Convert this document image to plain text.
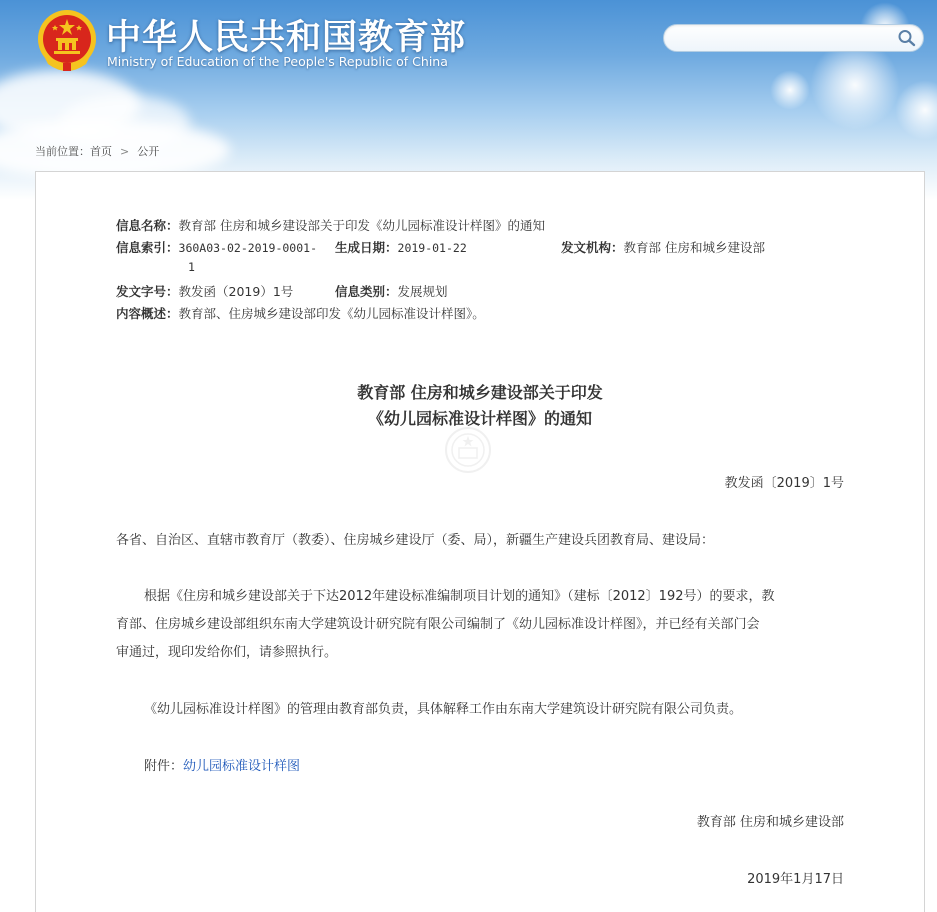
中华人民共和国教育部
Ministry of Education of the People's Republic of China
当前位置：首页 > 公开
信息名称：教育部 住房和城乡建设部关于印发《幼儿园标准设计样图》的通知
信息索引：360A03-02-2019-0001-
1
生成日期：2019-01-22	发文机构：教育部 住房和城乡建设部
发文字号：教发函（2019）1号	信息类别：发展规划
内容概述：教育部、住房城乡建设部印发《幼儿园标准设计样图》。
教育部 住房和城乡建设部关于印发
《幼儿园标准设计样图》的通知
教发函〔2019〕1号
各省、自治区、直辖市教育厅（教委）、住房城乡建设厅（委、局），新疆生产建设兵团教育局、建设局：
根据《住房和城乡建设部关于下达2012年建设标准编制项目计划的通知》（建标〔2012〕192号）的要求，教
育部、住房城乡建设部组织东南大学建筑设计研究院有限公司编制了《幼儿园标准设计样图》，并已经有关部门会
审通过，现印发给你们，请参照执行。
《幼儿园标准设计样图》的管理由教育部负责，具体解释工作由东南大学建筑设计研究院有限公司负责。
附件：幼儿园标准设计样图
教育部 住房和城乡建设部
2019年1月17日
